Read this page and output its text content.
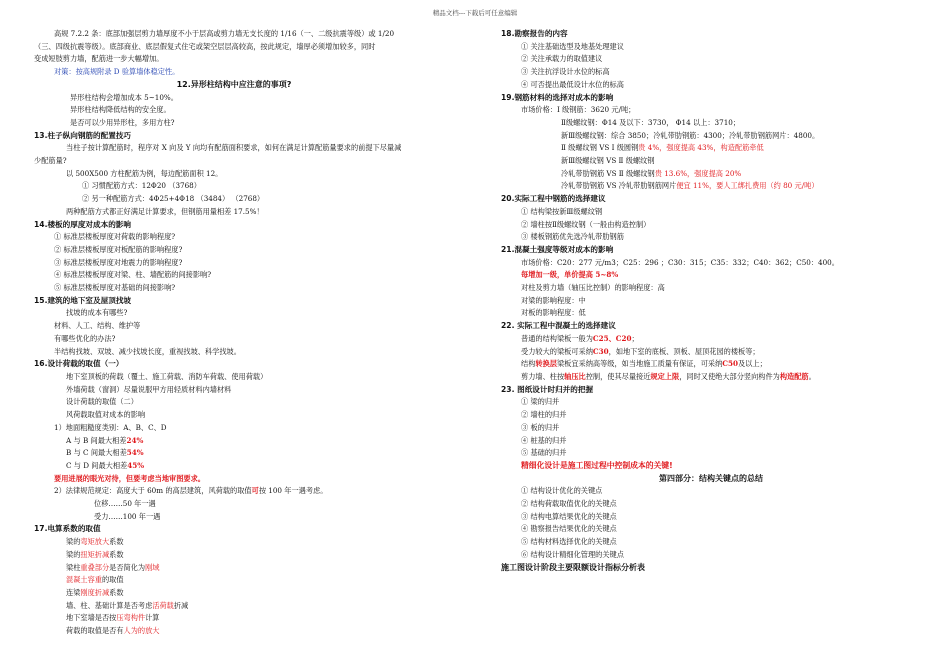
精品文档---下载后可任意编辑
高规 7.2.2 条：底部加强层剪力墙厚度不小于层高或剪力墙无支长度的 1/16（一、二级抗震等级）或 1/20
（三、四级抗震等级）。底部商业、底层假复式住宅或架空层层高较高，按此规定，墙厚必须增加较多，同时
变成短肢剪力墙，配筋进一步大幅增加。
对策：按高规附录 D 验算墙体稳定性。
12.异形柱结构中应注意的事项?
异形柱结构会增加成本 5~10%。
异形柱结构降低结构的安全度。
是否可以少用异形柱，多用方柱?
13.柱子纵向钢筋的配置技巧
当柱子按计算配筋时，程序对 X 向及 Y 向均有配筋面积要求，如何在满足计算配筋量要求的前提下尽量减
少配筋量?
以 500X500 方柱配筋为例，每边配筋面积 12。
① 习惯配筋方式：12Φ20 （3768）
② 另一种配筋方式：4Φ25+4Φ18 （3484） （2768）
两种配筋方式都正好满足计算要求，但钢筋用量相差 17.5%！
14.楼板的厚度对成本的影响
① 标准层楼板厚度对荷载的影响程度?
② 标准层楼板厚度对板配筋的影响程度?
③ 标准层楼板厚度对地震力的影响程度?
④ 标准层楼板厚度对梁、柱、墙配筋的间接影响?
⑤ 标准层楼板厚度对基础的间接影响?
15.建筑的地下室及屋顶找坡
找坡的成本有哪些?
材料、人工、结构、维护等
有哪些优化的办法?
半结构找坡、双坡、减少找坡长度，重视找坡、科学找坡。
16.设计荷载的取值（一）
地下室顶板的荷载（覆土、施工荷载、消防车荷载、使用荷载）
外墙荷载（窗洞）尽量说服甲方用轻质材料内墙材料
设计荷载的取值（二）
风荷载取值对成本的影响
1）地面粗糙度类别：A、B、C、D
A 与 B 间最大相差24%
B 与 C 间最大相差54%
C 与 D 间最大相差45%
要用进展的眼光对待，但要考虑当地审图要求。
2）法律规范规定：高度大于 60m 的高层建筑，风荷载的取值可按 100 年一遇考虑。
位移……50 年一遇
受力……100 年一遇
17.电算系数的取值
梁的弯矩放大系数
梁的扭矩折减系数
梁柱重叠部分是否简化为刚域
混凝土容重的取值
连梁刚度折减系数
墙、柱、基础计算是否考虑活荷载折减
地下室墙是否按压弯构件计算
荷载的取值是否有人为的放大
18.勘察报告的内容
① 关注基础选型及地基处理建议
② 关注承载力的取值建议
③ 关注抗浮设计水位的标高
④ 可否提出最低设计水位的标高
19.钢筋材料的选择对成本的影响
市场价格：Ⅰ 级钢筋：3620 元/吨；
Ⅱ级螺纹钢：Φ14 及以下：3730， Φ14 以上：3710；
新Ⅲ级螺纹钢：综合 3850；冷轧带肋钢筋：4300；冷轧带肋钢筋网片：4800。
Ⅱ 级螺纹钢 VS Ⅰ 级圆钢贵 4%，强度提高 43%，构造配筋牵低
新Ⅲ级螺纹钢 VS Ⅱ 级螺纹钢
冷轧带肋钢筋 VS Ⅱ 级螺纹钢贵 13.6%，强度提高 20%
冷轧带肋钢筋 VS 冷轧带肋钢筋网片便宜 11%，要人工绑扎费用（约 80 元/吨）
20.实际工程中钢筋的选择建议
① 结构梁按新Ⅲ级螺纹钢
② 墙柱按Ⅱ级螺纹钢（一般由构造控制）
③ 楼板钢筋优先选冷轧带肋钢筋
21.混凝土强度等级对成本的影响
市场价格：C20：277 元/m3；C25：296 ；C30：315；C35：332；C40：362；C50：400。
每增加一级，单价提高 5~8%
对柱及剪力墙（轴压比控制）的影响程度：高
对梁的影响程度：中
对板的影响程度：低
22. 实际工程中混凝土的选择建议
普通的结构梁板一般为C25、C20；
受力较大的梁板可采纳C30，如地下室的底板、顶板、屋顶花园的楼板等；
结构转换层梁板宜采纳高等级，如当地施工质量有保证，可采纳C50及以上；
剪力墙、柱按轴压比控制，使其尽量接近规定上限，同时又使绝大部分竖向构件为构造配筋。
23. 图纸设计时归并的把握
① 梁的归并
② 墙柱的归并
③ 板的归并
④ 桩基的归并
⑤ 基础的归并
精细化设计是施工图过程中控制成本的关键!
第四部分：结构关键点的总结
① 结构设计优化的关键点
② 结构荷载取值优化的关键点
③ 结构电算结果优化的关键点
④ 勘察报告结果优化的关键点
⑤ 结构材料选择优化的关键点
⑥ 结构设计精细化管理的关键点
施工图设计阶段主要限额设计指标分析表
